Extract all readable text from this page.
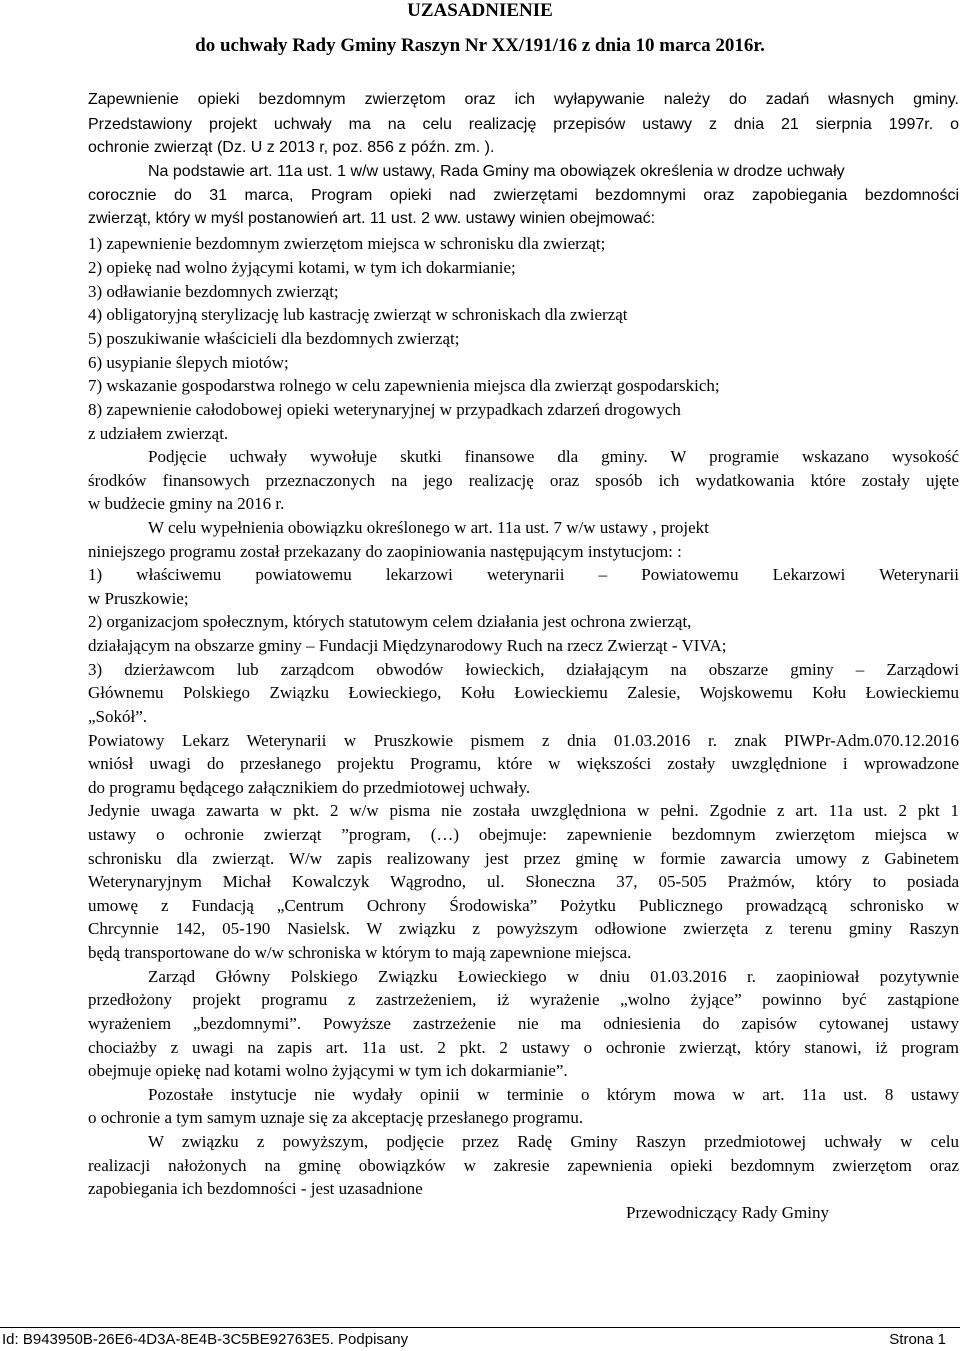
UZASADNIENIE
do uchwały Rady Gminy Raszyn Nr XX/191/16 z dnia 10 marca 2016r.
Zapewnienie opieki bezdomnym zwierzętom oraz ich wyłapywanie należy do zadań własnych gminy.
Przedstawiony projekt uchwały ma na celu realizację przepisów ustawy z dnia 21 sierpnia 1997r. o
ochronie zwierząt (Dz. U z 2013 r, poz. 856 z późn. zm. ).
Na podstawie art. 11a ust. 1 w/w ustawy, Rada Gminy ma obowiązek określenia w drodze uchwały
corocznie do 31 marca, Program opieki nad zwierzętami bezdomnymi oraz zapobiegania bezdomności
zwierząt, który w myśl postanowień art. 11 ust. 2 ww. ustawy winien obejmować:
1) zapewnienie bezdomnym zwierzętom miejsca w schronisku dla zwierząt;
2) opiekę nad wolno żyjącymi kotami, w tym ich dokarmianie;
3) odławianie bezdomnych zwierząt;
4) obligatoryjną sterylizację lub kastrację zwierząt w schroniskach dla zwierząt
5) poszukiwanie właścicieli dla bezdomnych zwierząt;
6) usypianie ślepych miotów;
7) wskazanie gospodarstwa rolnego w celu zapewnienia miejsca dla zwierząt gospodarskich;
8) zapewnienie całodobowej opieki weterynaryjnej w przypadkach zdarzeń drogowych
z udziałem zwierząt.
Podjęcie uchwały wywołuje skutki finansowe dla gminy. W programie wskazano wysokość
środków finansowych przeznaczonych na jego realizację oraz sposób ich wydatkowania które zostały ujęte
w budżecie gminy na 2016 r.
W celu wypełnienia obowiązku określonego w art. 11a ust. 7 w/w ustawy , projekt
niniejszego programu został przekazany do zaopiniowania następującym instytucjom: :
1) właściwemu powiatowemu lekarzowi weterynarii – Powiatowemu Lekarzowi Weterynarii
w Pruszkowie;
2) organizacjom społecznym, których statutowym celem działania jest ochrona zwierząt,
działającym na obszarze gminy – Fundacji Międzynarodowy Ruch na rzecz Zwierząt - VIVA;
3) dzierżawcom lub zarządcom obwodów łowieckich, działającym na obszarze gminy – Zarządowi
Głównemu Polskiego Związku Łowieckiego, Kołu Łowieckiemu Zalesie, Wojskowemu Kołu Łowieckiemu
„Sokół”.
Powiatowy Lekarz Weterynarii w Pruszkowie pismem z dnia 01.03.2016 r. znak PIWPr-Adm.070.12.2016
wniósł uwagi do przesłanego projektu Programu, które w większości zostały uwzględnione i wprowadzone
do programu będącego załącznikiem do przedmiotowej uchwały.
Jedynie uwaga zawarta w pkt. 2 w/w pisma nie została uwzględniona w pełni. Zgodnie z art. 11a ust. 2 pkt 1
ustawy o ochronie zwierząt ”program, (…) obejmuje: zapewnienie bezdomnym zwierzętom miejsca w
schronisku dla zwierząt. W/w zapis realizowany jest przez gminę w formie zawarcia umowy z Gabinetem
Weterynaryjnym Michał Kowalczyk Wągrodno, ul. Słoneczna 37, 05-505 Prażmów, który to posiada
umowę z Fundacją „Centrum Ochrony Środowiska” Pożytku Publicznego prowadzącą schronisko w
Chrcynnie 142, 05-190 Nasielsk. W związku z powyższym odłowione zwierzęta z terenu gminy Raszyn
będą transportowane do w/w schroniska w którym to mają zapewnione miejsca.
Zarząd Główny Polskiego Związku Łowieckiego w dniu 01.03.2016 r. zaopiniował pozytywnie
przedłożony projekt programu z zastrzeżeniem, iż wyrażenie „wolno żyjące” powinno być zastąpione
wyrażeniem „bezdomnymi”. Powyższe zastrzeżenie nie ma odniesienia do zapisów cytowanej ustawy
chociażby z uwagi na zapis art. 11a ust. 2 pkt. 2 ustawy o ochronie zwierząt, który stanowi, iż program
obejmuje opiekę nad kotami wolno żyjącymi w tym ich dokarmianie”.
Pozostałe instytucje nie wydały opinii w terminie o którym mowa w art. 11a ust. 8 ustawy
o ochronie a tym samym uznaje się za akceptację przesłanego programu.
W związku z powyższym, podjęcie przez Radę Gminy Raszyn przedmiotowej uchwały w celu
realizacji nałożonych na gminę obowiązków w zakresie zapewnienia opieki bezdomnym zwierzętom oraz
zapobiegania ich bezdomności - jest uzasadnione
Przewodniczący Rady Gminy
Id: B943950B-26E6-4D3A-8E4B-3C5BE92763E5. Podpisany	Strona 1
